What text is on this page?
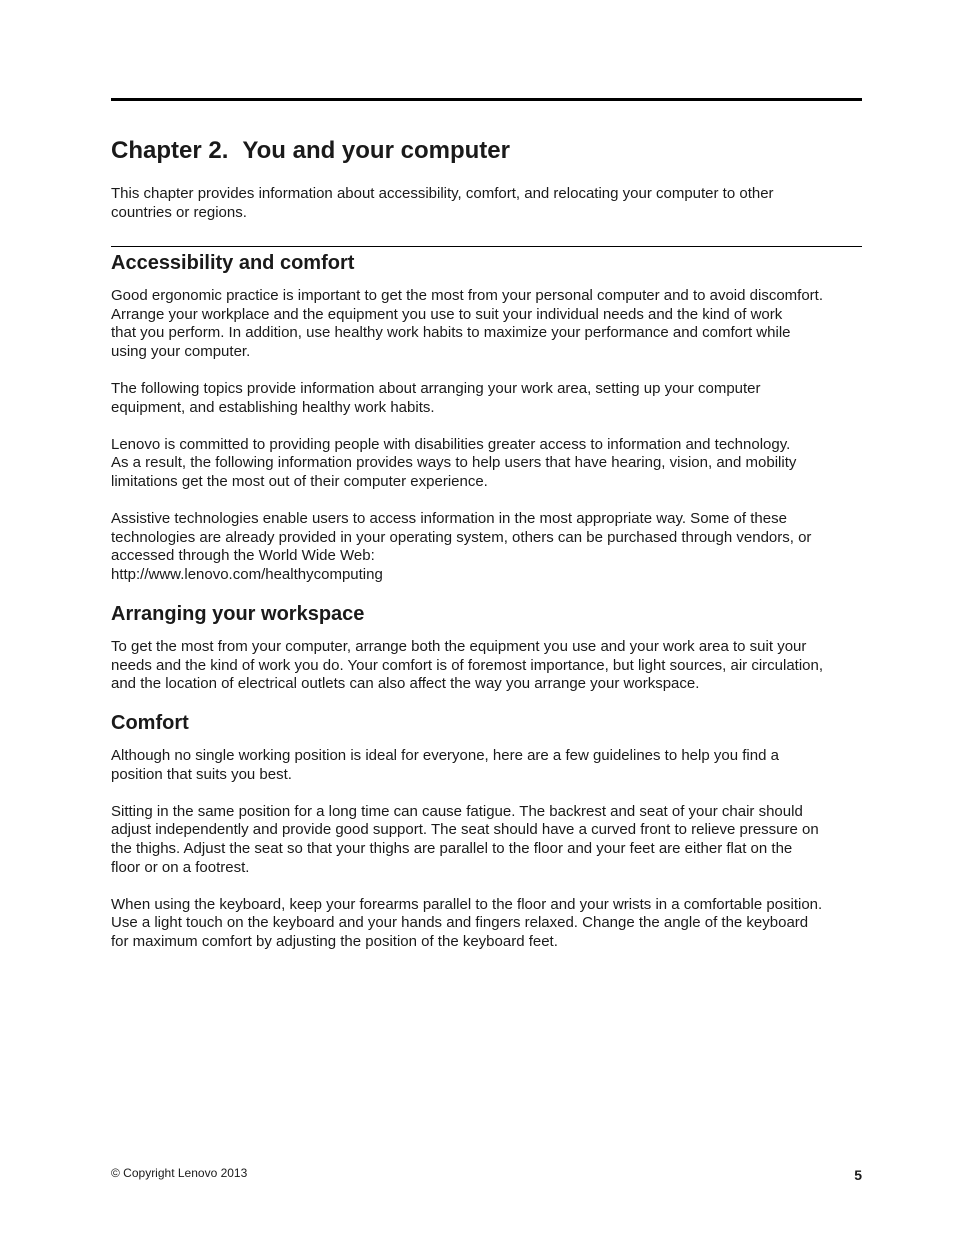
Chapter 2. You and your computer

This chapter provides information about accessibility, comfort, and relocating your computer to other
countries or regions.

Accessibility and comfort

Good ergonomic practice is important to get the most from your personal computer and to avoid discomfort.
Arrange your workplace and the equipment you use to suit your individual needs and the kind of work
that you perform. In addition, use healthy work habits to maximize your performance and comfort while
using your computer.

The following topics provide information about arranging your work area, setting up your computer
equipment, and establishing healthy work habits.

Lenovo is committed to providing people with disabilities greater access to information and technology.
As a result, the following information provides ways to help users that have hearing, vision, and mobility
limitations get the most out of their computer experience.

Assistive technologies enable users to access information in the most appropriate way. Some of these
technologies are already provided in your operating system, others can be purchased through vendors, or
accessed through the World Wide Web:
http://www.lenovo.com/healthycomputing

Arranging your workspace

To get the most from your computer, arrange both the equipment you use and your work area to suit your
needs and the kind of work you do. Your comfort is of foremost importance, but light sources, air circulation,
and the location of electrical outlets can also affect the way you arrange your workspace.

Comfort

Although no single working position is ideal for everyone, here are a few guidelines to help you find a
position that suits you best.

Sitting in the same position for a long time can cause fatigue. The backrest and seat of your chair should
adjust independently and provide good support. The seat should have a curved front to relieve pressure on
the thighs. Adjust the seat so that your thighs are parallel to the floor and your feet are either flat on the
floor or on a footrest.

When using the keyboard, keep your forearms parallel to the floor and your wrists in a comfortable position.
Use a light touch on the keyboard and your hands and fingers relaxed. Change the angle of the keyboard
for maximum comfort by adjusting the position of the keyboard feet.

© Copyright Lenovo 2013	5
